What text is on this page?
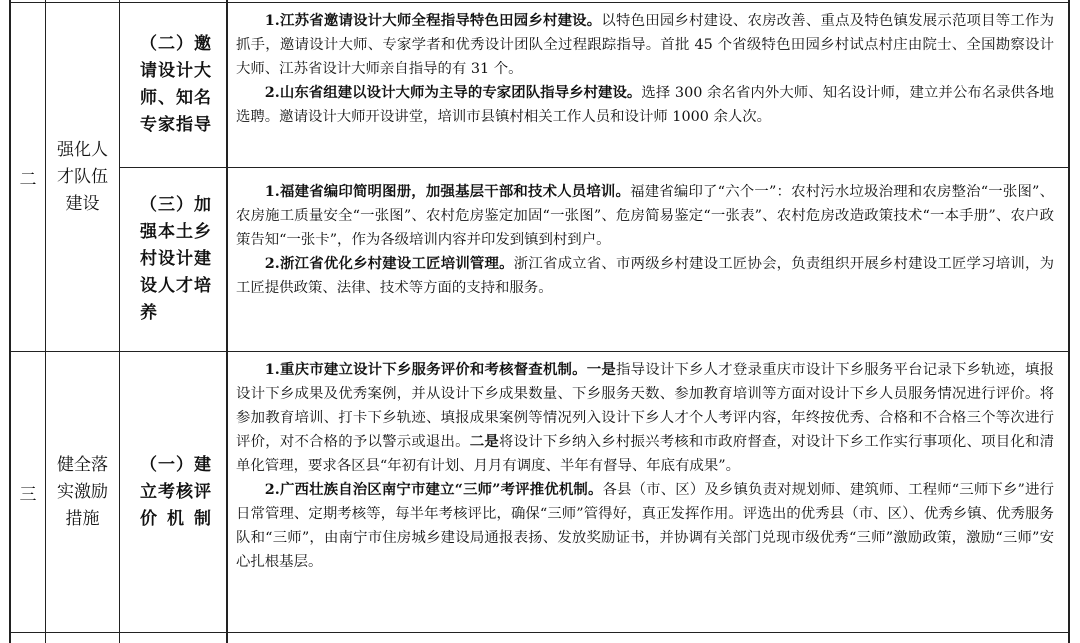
二
强化人才队伍建设
（二）邀请设计大师、知名专家指导

1.江苏省邀请设计大师全程指导特色田园乡村建设。以特色田园乡村建设、农房改善、重点及特色镇发展示范项目等工作为抓手，邀请设计大师、专家学者和优秀设计团队全过程跟踪指导。首批 45 个省级特色田园乡村试点村庄由院士、全国勘察设计大师、江苏省设计大师亲自指导的有 31 个。

2.山东省组建以设计大师为主导的专家团队指导乡村建设。选择 300 余名省内外大师、知名设计师，建立并公布名录供各地选聘。邀请设计大师开设讲堂，培训市县镇村相关工作人员和设计师 1000 余人次。

（三）加强本土乡村设计建设人才培养

1.福建省编印简明图册，加强基层干部和技术人员培训。福建省编印了“六个一”：农村污水垃圾治理和农房整治“一张图”、农房施工质量安全“一张图”、农村危房鉴定加固“一张图”、危房简易鉴定“一张表”、农村危房改造政策技术“一本手册”、农户政策告知“一张卡”，作为各级培训内容并印发到镇到村到户。

2.浙江省优化乡村建设工匠培训管理。浙江省成立省、市两级乡村建设工匠协会，负责组织开展乡村建设工匠学习培训，为工匠提供政策、法律、技术等方面的支持和服务。

三
健全落实激励措施
（一）建立考核评价机制

1.重庆市建立设计下乡服务评价和考核督查机制。一是指导设计下乡人才登录重庆市设计下乡服务平台记录下乡轨迹，填报设计下乡成果及优秀案例，并从设计下乡成果数量、下乡服务天数、参加教育培训等方面对设计下乡人员服务情况进行评价。将参加教育培训、打卡下乡轨迹、填报成果案例等情况列入设计下乡人才个人考评内容，年终按优秀、合格和不合格三个等次进行评价，对不合格的予以警示或退出。二是将设计下乡纳入乡村振兴考核和市政府督查，对设计下乡工作实行事项化、项目化和清单化管理，要求各区县“年初有计划、月月有调度、半年有督导、年底有成果”。

2.广西壮族自治区南宁市建立“三师”考评推优机制。各县（市、区）及乡镇负责对规划师、建筑师、工程师“三师下乡”进行日常管理、定期考核等，每半年考核评比，确保“三师”管得好，真正发挥作用。评选出的优秀县（市、区）、优秀乡镇、优秀服务队和“三师”，由南宁市住房城乡建设局通报表扬、发放奖励证书，并协调有关部门兑现市级优秀“三师”激励政策，激励“三师”安心扎根基层。
